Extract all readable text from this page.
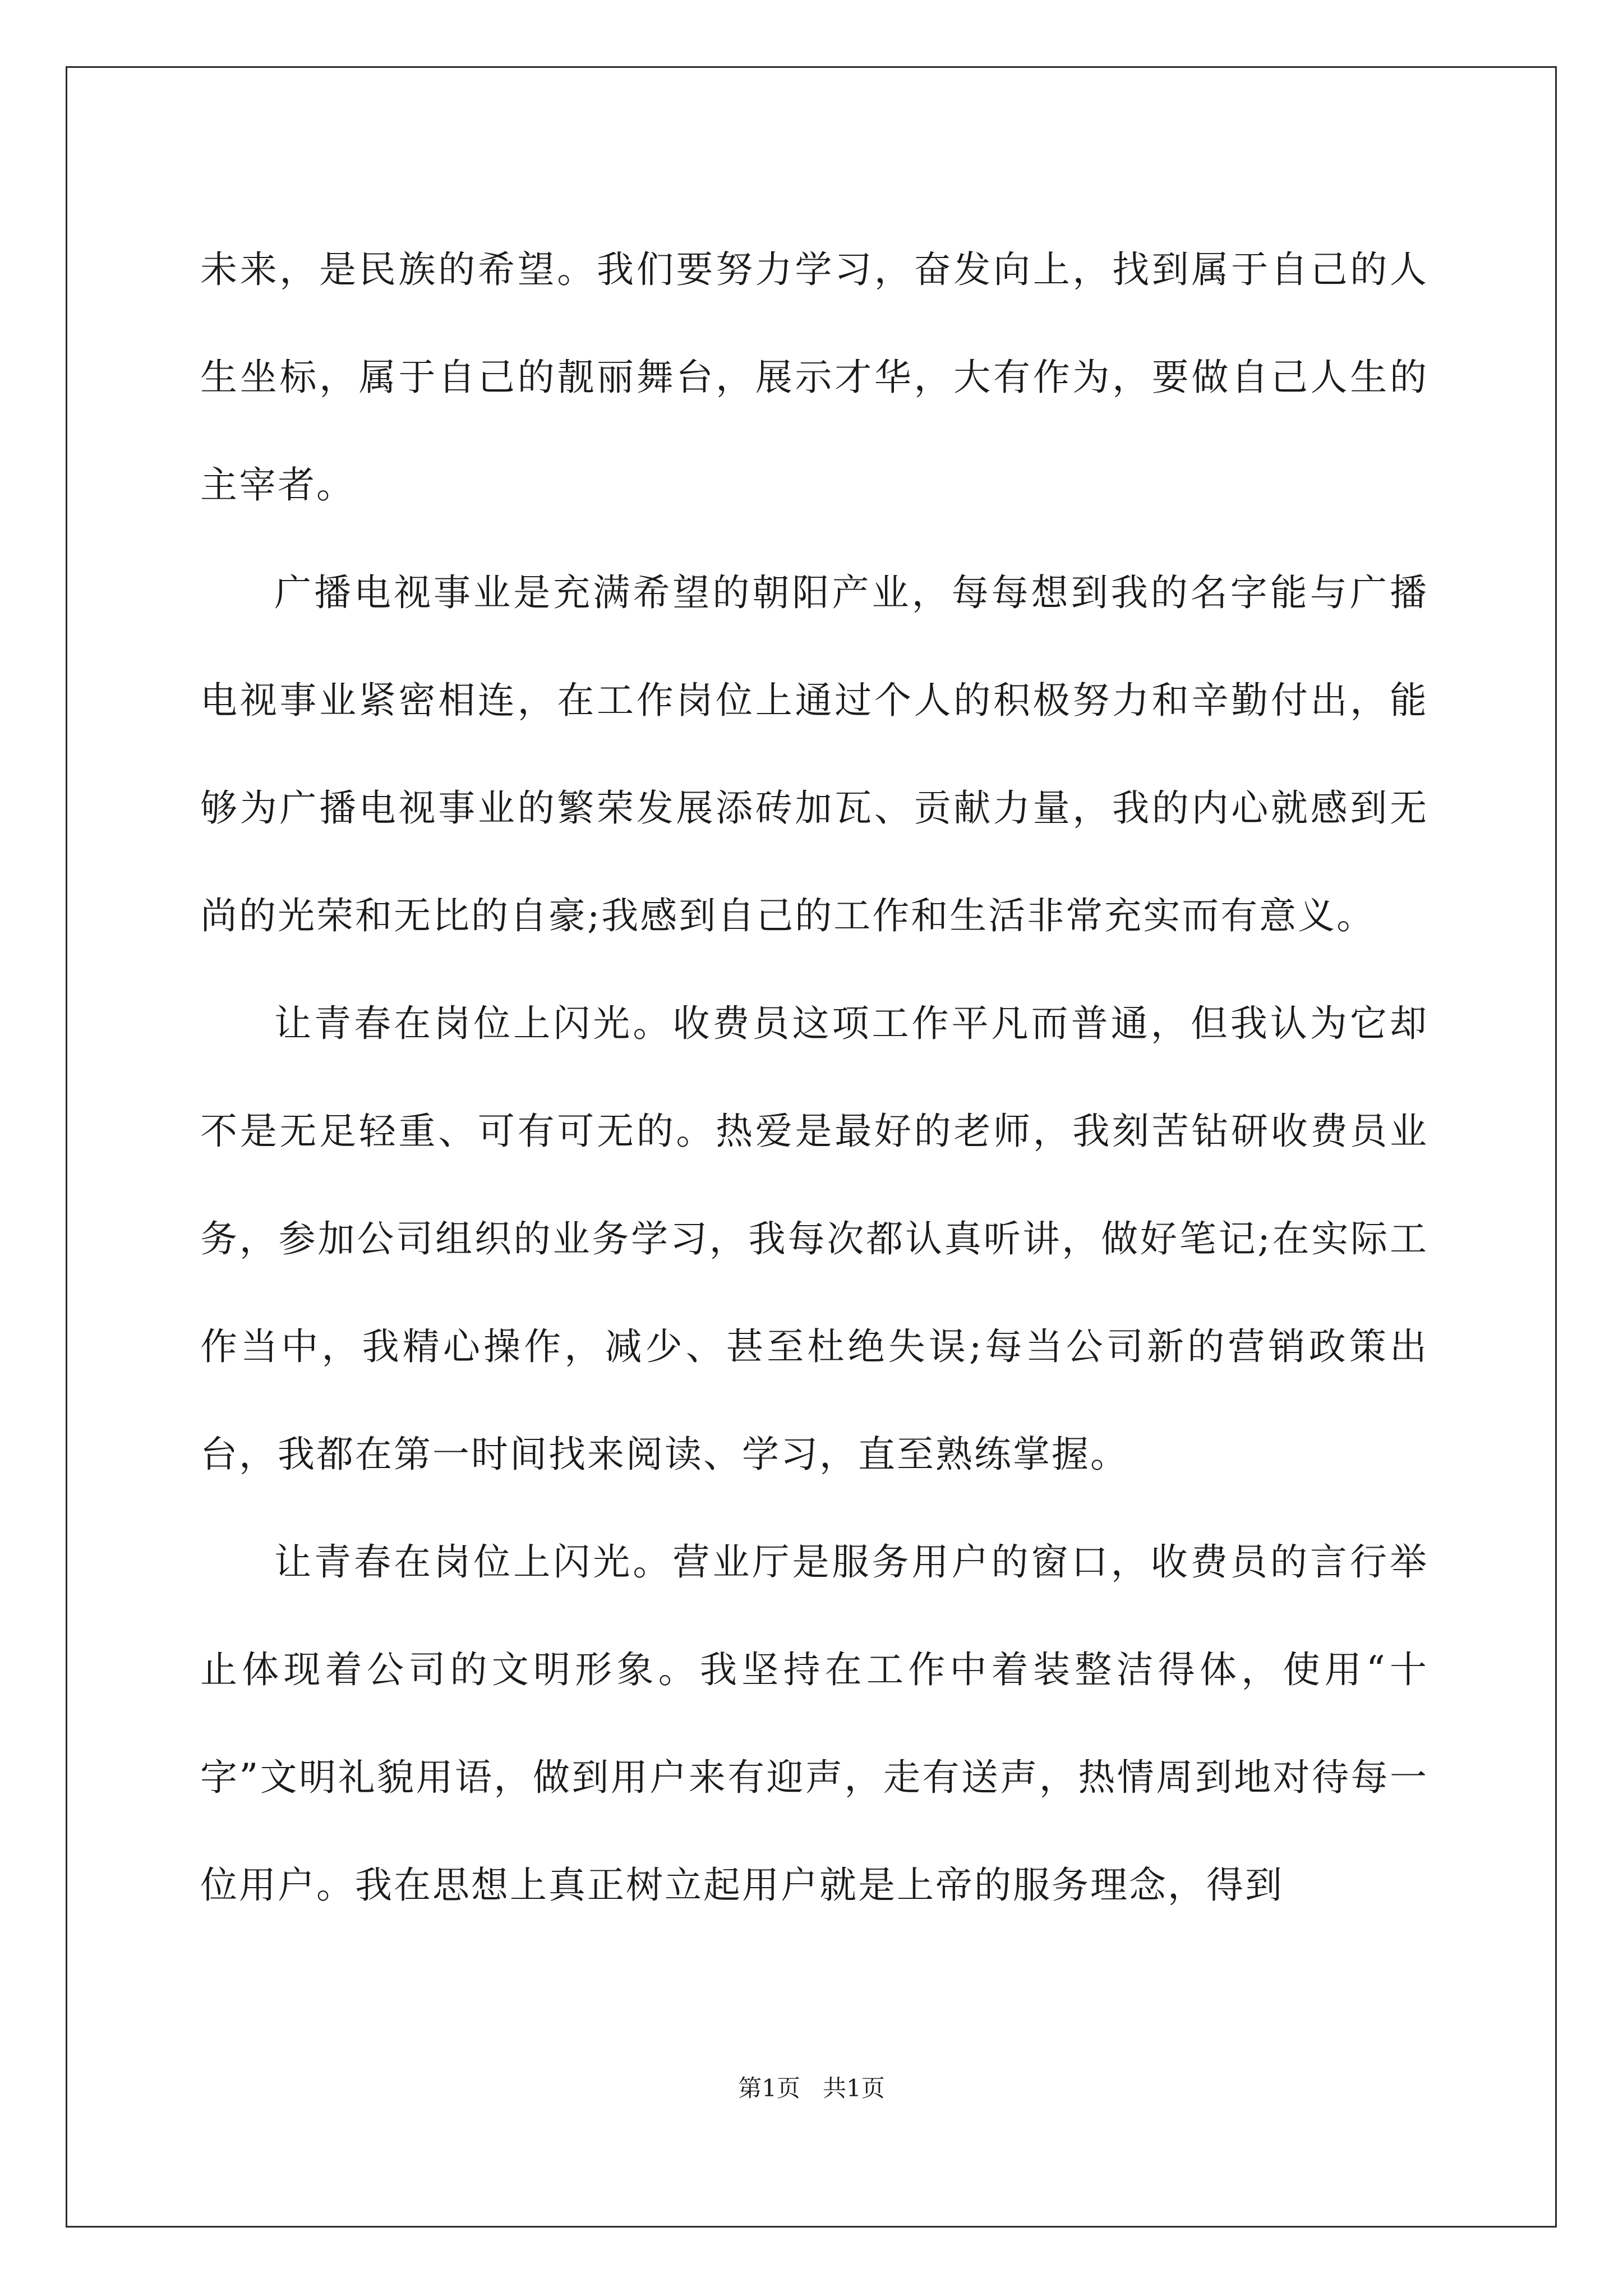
未来，是民族的希望。我们要努力学习，奋发向上，找到属于自己的人生坐标，属于自己的靓丽舞台，展示才华，大有作为，要做自己人生的主宰者。

广播电视事业是充满希望的朝阳产业，每每想到我的名字能与广播电视事业紧密相连，在工作岗位上通过个人的积极努力和辛勤付出，能够为广播电视事业的繁荣发展添砖加瓦、贡献力量，我的内心就感到无尚的光荣和无比的自豪;我感到自己的工作和生活非常充实而有意义。

让青春在岗位上闪光。收费员这项工作平凡而普通，但我认为它却不是无足轻重、可有可无的。热爱是最好的老师，我刻苦钻研收费员业务，参加公司组织的业务学习，我每次都认真听讲，做好笔记;在实际工作当中，我精心操作，减少、甚至杜绝失误;每当公司新的营销政策出台，我都在第一时间找来阅读、学习，直至熟练掌握。

让青春在岗位上闪光。营业厅是服务用户的窗口，收费员的言行举止体现着公司的文明形象。我坚持在工作中着装整洁得体，使用“十字”文明礼貌用语，做到用户来有迎声，走有送声，热情周到地对待每一位用户。我在思想上真正树立起用户就是上帝的服务理念，得到

第1页   共1页
